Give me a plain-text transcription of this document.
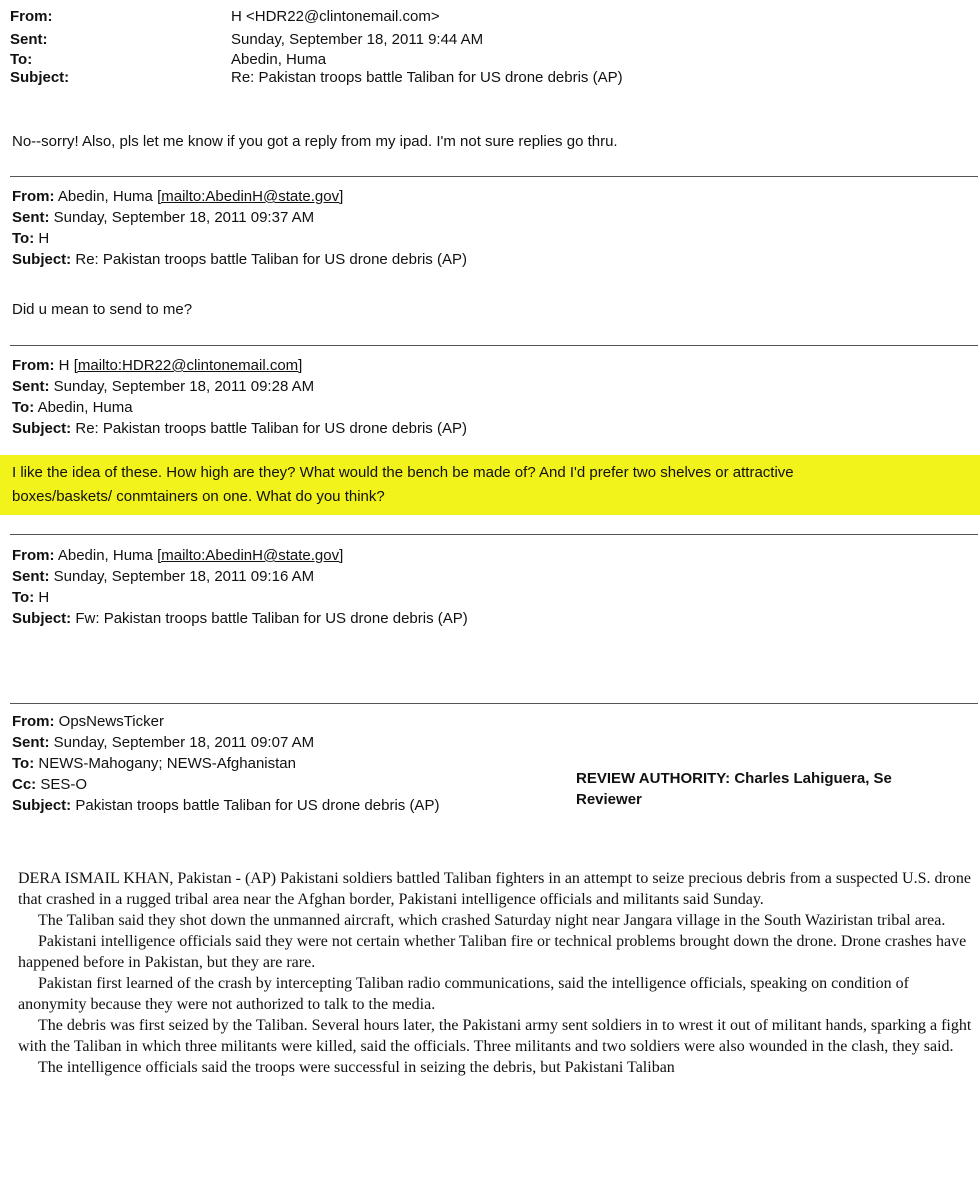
From:	H <HDR22@clintonemail.com>
Sent:	Sunday, September 18, 2011 9:44 AM
To:	Abedin, Huma
Subject:	Re: Pakistan troops battle Taliban for US drone debris (AP)
No--sorry! Also, pls let me know if you got a reply from my ipad. I'm not sure replies go thru.
From: Abedin, Huma [mailto:AbedinH@state.gov]
Sent: Sunday, September 18, 2011 09:37 AM
To: H
Subject: Re: Pakistan troops battle Taliban for US drone debris (AP)
Did u mean to send to me?
From: H [mailto:HDR22@clintonemail.com]
Sent: Sunday, September 18, 2011 09:28 AM
To: Abedin, Huma
Subject: Re: Pakistan troops battle Taliban for US drone debris (AP)
I like the idea of these. How high are they? What would the bench be made of? And I'd prefer two shelves or attractive
boxes/baskets/ conmtainers on one. What do you think?
From: Abedin, Huma [mailto:AbedinH@state.gov]
Sent: Sunday, September 18, 2011 09:16 AM
To: H
Subject: Fw: Pakistan troops battle Taliban for US drone debris (AP)
From: OpsNewsTicker
Sent: Sunday, September 18, 2011 09:07 AM
To: NEWS-Mahogany; NEWS-Afghanistan
Cc: SES-O
Subject: Pakistan troops battle Taliban for US drone debris (AP)
REVIEW AUTHORITY: Charles Lahiguera, Se
Reviewer

DERA ISMAIL KHAN, Pakistan - (AP) Pakistani soldiers battled Taliban fighters in an attempt to seize precious debris from a suspected U.S. drone that crashed in a rugged tribal area near the Afghan border, Pakistani intelligence officials and militants said Sunday.

The Taliban said they shot down the unmanned aircraft, which crashed Saturday night near Jangara village in the South Waziristan tribal area.

Pakistani intelligence officials said they were not certain whether Taliban fire or technical problems brought down the drone. Drone crashes have happened before in Pakistan, but they are rare.

Pakistan first learned of the crash by intercepting Taliban radio communications, said the intelligence officials, speaking on condition of anonymity because they were not authorized to talk to the media.

The debris was first seized by the Taliban. Several hours later, the Pakistani army sent soldiers in to wrest it out of militant hands, sparking a fight with the Taliban in which three militants were killed, said the officials. Three militants and two soldiers were also wounded in the clash, they said.

The intelligence officials said the troops were successful in seizing the debris, but Pakistani Taliban
